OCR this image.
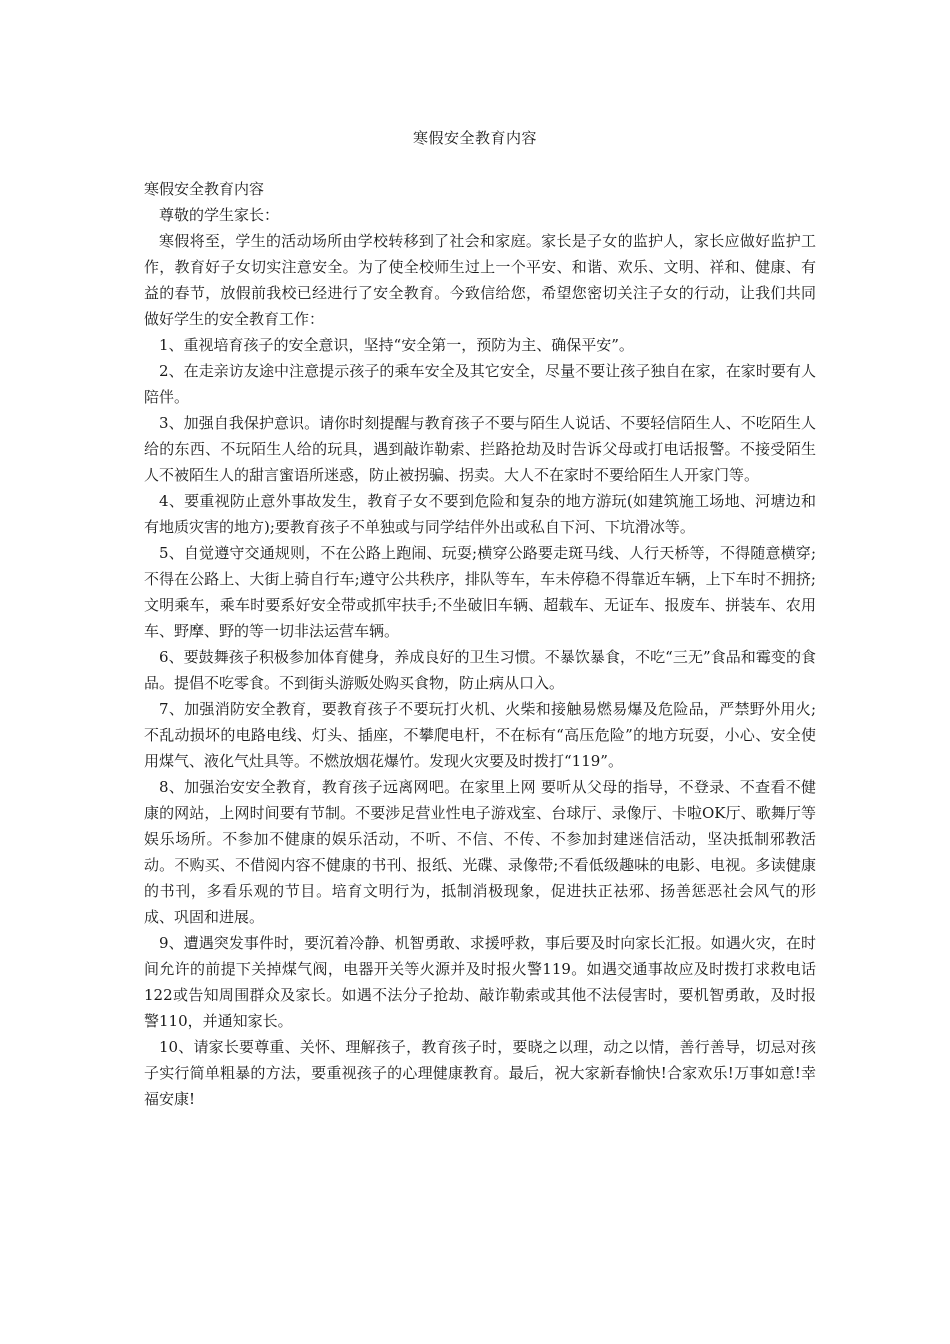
寒假安全教育内容

寒假安全教育内容

尊敬的学生家长：

寒假将至，学生的活动场所由学校转移到了社会和家庭。家长是子女的监护人，家长应做好监护工作，教育好子女切实注意安全。为了使全校师生过上一个平安、和谐、欢乐、文明、祥和、健康、有益的春节，放假前我校已经进行了安全教育。今致信给您，希望您密切关注子女的行动，让我们共同做好学生的安全教育工作：

1、重视培育孩子的安全意识，坚持“安全第一，预防为主、确保平安”。

2、在走亲访友途中注意提示孩子的乘车安全及其它安全，尽量不要让孩子独自在家，在家时要有人陪伴。

3、加强自我保护意识。请你时刻提醒与教育孩子不要与陌生人说话、不要轻信陌生人、不吃陌生人给的东西、不玩陌生人给的玩具，遇到敲诈勒索、拦路抢劫及时告诉父母或打电话报警。不接受陌生人不被陌生人的甜言蜜语所迷惑，防止被拐骗、拐卖。大人不在家时不要给陌生人开家门等。

4、要重视防止意外事故发生，教育子女不要到危险和复杂的地方游玩(如建筑施工场地、河塘边和有地质灾害的地方);要教育孩子不单独或与同学结伴外出或私自下河、下坑滑冰等。

5、自觉遵守交通规则，不在公路上跑闹、玩耍;横穿公路要走斑马线、人行天桥等，不得随意横穿;不得在公路上、大街上骑自行车;遵守公共秩序，排队等车，车未停稳不得靠近车辆，上下车时不拥挤;文明乘车，乘车时要系好安全带或抓牢扶手;不坐破旧车辆、超载车、无证车、报废车、拼装车、农用车、野摩、野的等一切非法运营车辆。

6、要鼓舞孩子积极参加体育健身，养成良好的卫生习惯。不暴饮暴食，不吃“三无”食品和霉变的食品。提倡不吃零食。不到街头游贩处购买食物，防止病从口入。

7、加强消防安全教育，要教育孩子不要玩打火机、火柴和接触易燃易爆及危险品，严禁野外用火;不乱动损坏的电路电线、灯头、插座，不攀爬电杆，不在标有“高压危险”的地方玩耍，小心、安全使用煤气、液化气灶具等。不燃放烟花爆竹。发现火灾要及时拨打“119”。

8、加强治安安全教育，教育孩子远离网吧。在家里上网 要听从父母的指导，不登录、不查看不健康的网站，上网时间要有节制。不要涉足营业性电子游戏室、台球厅、录像厅、卡啦OK厅、歌舞厅等娱乐场所。不参加不健康的娱乐活动，不听、不信、不传、不参加封建迷信活动，坚决抵制邪教活动。不购买、不借阅内容不健康的书刊、报纸、光碟、录像带;不看低级趣味的电影、电视。多读健康的书刊，多看乐观的节目。培育文明行为，抵制消极现象，促进扶正祛邪、扬善惩恶社会风气的形成、巩固和进展。

9、遭遇突发事件时，要沉着冷静、机智勇敢、求援呼救，事后要及时向家长汇报。如遇火灾，在时间允许的前提下关掉煤气阀，电器开关等火源并及时报火警119。如遇交通事故应及时拨打求救电话122或告知周围群众及家长。如遇不法分子抢劫、敲诈勒索或其他不法侵害时，要机智勇敢，及时报警110，并通知家长。

10、请家长要尊重、关怀、理解孩子，教育孩子时，要晓之以理，动之以情，善行善导，切忌对孩子实行简单粗暴的方法，要重视孩子的心理健康教育。最后，祝大家新春愉快!合家欢乐!万事如意!幸福安康!
